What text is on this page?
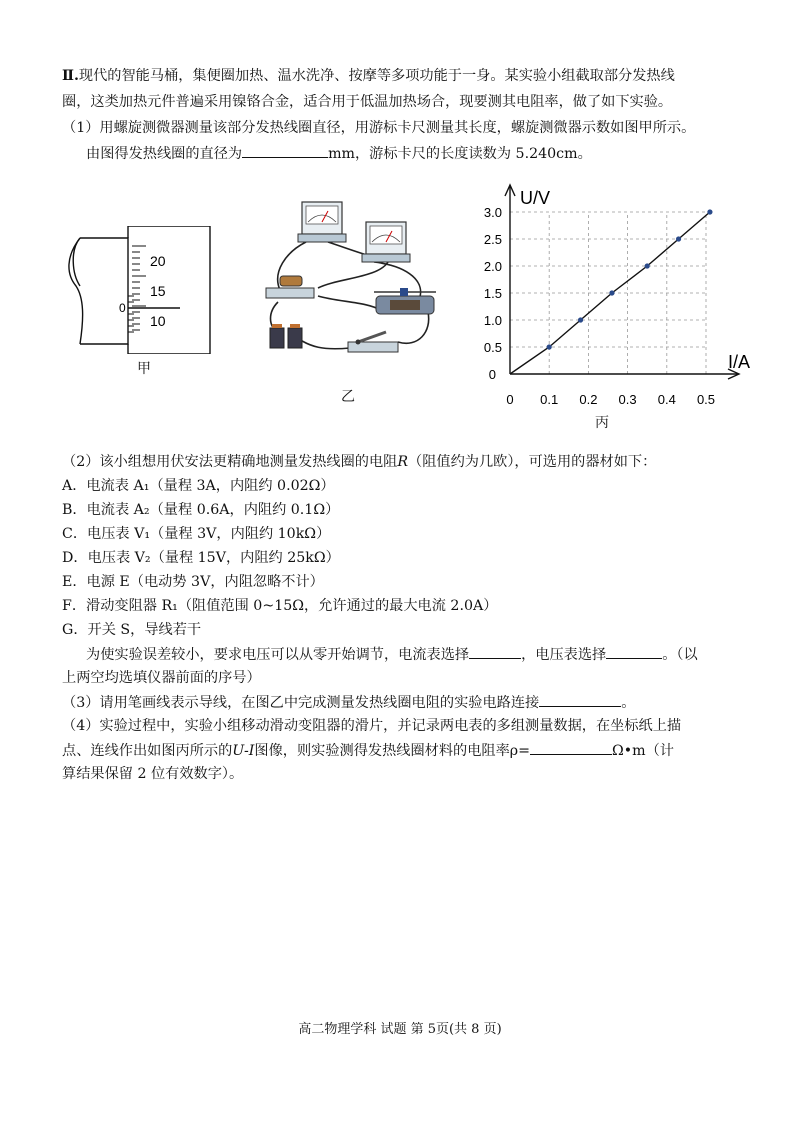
Ⅱ.现代的智能马桶，集便圈加热、温水洗净、按摩等多项功能于一身。某实验小组截取部分发热线
圈，这类加热元件普遍采用镍铬合金，适合用于低温加热场合，现要测其电阻率，做了如下实验。
（1）用螺旋测微器测量该部分发热线圈直径，用游标卡尺测量其长度，螺旋测微器示数如图甲所示。
由图得发热线圈的直径为	mm，游标卡尺的长度读数为 5.240cm。
20
15
10
0
甲
乙
U/V
I/A
0.5
1.0
1.5
2.0
2.5
3.0
0.1 0.2 0.3 0.4 0.5
0
0
丙
（2）该小组想用伏安法更精确地测量发热线圈的电阻R（阻值约为几欧），可选用的器材如下：
A．电流表 A₁（量程 3A，内阻约 0.02Ω）
B．电流表 A₂（量程 0.6A，内阻约 0.1Ω）
C．电压表 V₁（量程 3V，内阻约 10kΩ）
D．电压表 V₂（量程 15V，内阻约 25kΩ）
E．电源 E（电动势 3V，内阻忽略不计）
F．滑动变阻器 R₁（阻值范围 0~15Ω，允许通过的最大电流 2.0A）
G．开关 S，导线若干
为使实验误差较小，要求电压可以从零开始调节，电流表选择	，电压表选择	。（以
上两空均选填仪器前面的序号）
（3）请用笔画线表示导线，在图乙中完成测量发热线圈电阻的实验电路连接	。
（4）实验过程中，实验小组移动滑动变阻器的滑片，并记录两电表的多组测量数据，在坐标纸上描
点、连线作出如图丙所示的U-I图像，则实验测得发热线圈材料的电阻率ρ=	Ω•m（计
算结果保留 2 位有效数字）。
高二物理学科 试题 第 5页(共 8 页)
